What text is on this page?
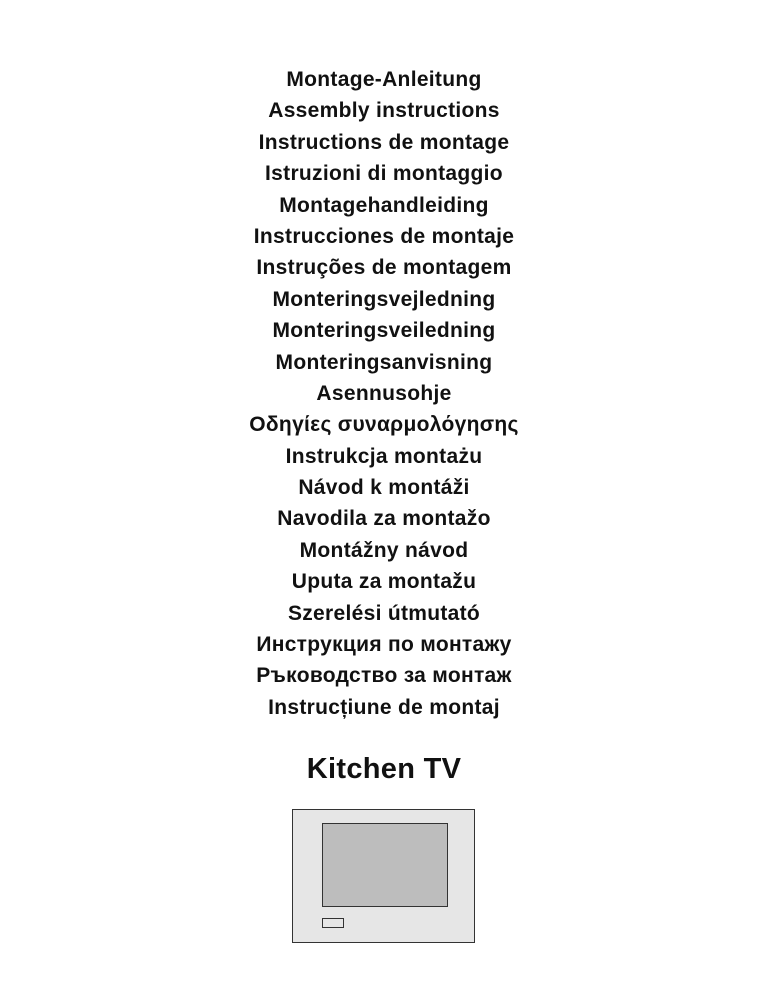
Montage-Anleitung
Assembly instructions
Instructions de montage
Istruzioni di montaggio
Montagehandleiding
Instrucciones de montaje
Instruções de montagem
Monteringsvejledning
Monteringsveiledning
Monteringsanvisning
Asennusohje
Οδηγίες συναρμολόγησης
Instrukcja montażu
Návod k montáži
Navodila za montažo
Montážny návod
Uputa za montažu
Szerelési útmutató
Инструкция по монтажу
Ръководство за монтаж
Instrucțiune de montaj
Kitchen TV
